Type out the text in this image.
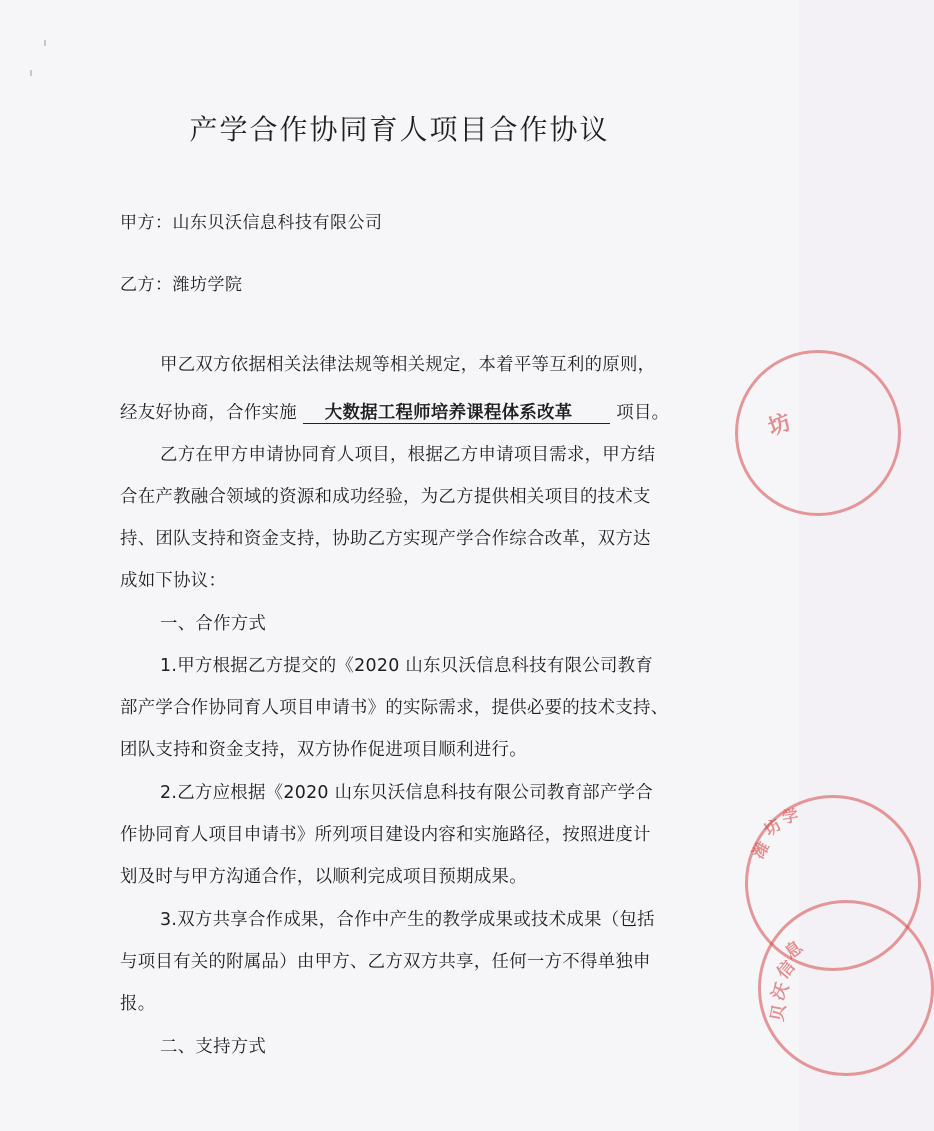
产学合作协同育人项目合作协议
甲方：山东贝沃信息科技有限公司
乙方：潍坊学院
甲乙双方依据相关法律法规等相关规定，本着平等互利的原则，
经友好协商，合作实施 大数据工程师培养课程体系改革	项目。
乙方在甲方申请协同育人项目，根据乙方申请项目需求，甲方结
合在产教融合领域的资源和成功经验，为乙方提供相关项目的技术支
持、团队支持和资金支持，协助乙方实现产学合作综合改革，双方达
成如下协议：
一、合作方式
1.甲方根据乙方提交的《2020 山东贝沃信息科技有限公司教育
部产学合作协同育人项目申请书》的实际需求，提供必要的技术支持、
团队支持和资金支持，双方协作促进项目顺利进行。
2.乙方应根据《2020 山东贝沃信息科技有限公司教育部产学合
作协同育人项目申请书》所列项目建设内容和实施路径，按照进度计
划及时与甲方沟通合作，以顺利完成项目预期成果。
3.双方共享合作成果，合作中产生的教学成果或技术成果（包括
与项目有关的附属品）由甲方、乙方双方共享，任何一方不得单独申
报。
二、支持方式
坊
潍
坊
学
贝
沃
信
息
